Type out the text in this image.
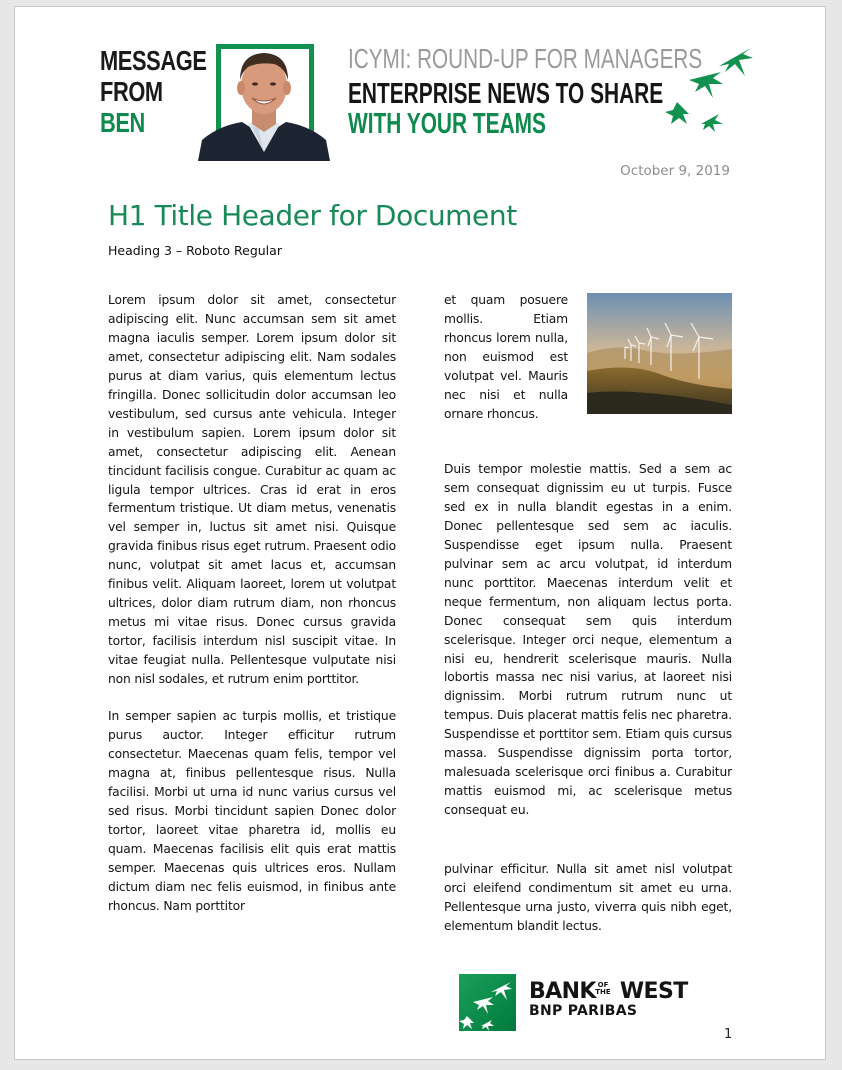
MESSAGE
FROM
BEN
ICYMI: ROUND-UP FOR MANAGERS
ENTERPRISE NEWS TO SHARE
WITH YOUR TEAMS
October 9, 2019
H1 Title Header for Document
Heading 3 – Roboto Regular

Lorem ipsum dolor sit amet, consectetur adipiscing elit. Nunc accumsan sem sit amet magna iaculis semper. Lorem ipsum dolor sit amet, consectetur adipiscing elit. Nam sodales purus at diam varius, quis elementum lectus fringilla. Donec sollicitudin dolor accumsan leo vestibulum, sed cursus ante vehicula. Integer in vestibulum sapien. Lorem ipsum dolor sit amet, consectetur adipiscing elit. Aenean tincidunt facilisis congue. Curabitur ac quam ac ligula tempor ultrices. Cras id erat in eros fermentum tristique. Ut diam metus, venenatis vel semper in, luctus sit amet nisi. Quisque gravida finibus risus eget rutrum. Praesent odio nunc, volutpat sit amet lacus et, accumsan finibus velit. Aliquam laoreet, lorem ut volutpat ultrices, dolor diam rutrum diam, non rhoncus metus mi vitae risus. Donec cursus gravida tortor, facilisis interdum nisl suscipit vitae. In vitae feugiat nulla. Pellentesque vulputate nisi non nisl sodales, et rutrum enim porttitor.

In semper sapien ac turpis mollis, et tristique purus auctor. Integer efficitur rutrum consectetur. Maecenas quam felis, tempor vel magna at, finibus pellentesque risus. Nulla facilisi. Morbi ut urna id nunc varius cursus vel sed risus. Morbi tincidunt sapien Donec dolor tortor, laoreet vitae pharetra id, mollis eu quam. Maecenas facilisis elit quis erat mattis semper. Maecenas quis ultrices eros. Nullam dictum diam nec felis euismod, in finibus ante rhoncus. Nam porttitor

et quam posuere mollis. Etiam rhoncus lorem nulla, non euismod est volutpat vel. Mauris nec nisi et nulla ornare rhoncus.

Duis tempor molestie mattis. Sed a sem ac sem consequat dignissim eu ut turpis. Fusce sed ex in nulla blandit egestas in a enim. Donec pellentesque sed sem ac iaculis. Suspendisse eget ipsum nulla. Praesent pulvinar sem ac arcu volutpat, id interdum nunc porttitor. Maecenas interdum velit et neque fermentum, non aliquam lectus porta. Donec consequat sem quis interdum scelerisque. Integer orci neque, elementum a nisi eu, hendrerit scelerisque mauris. Nulla lobortis massa nec nisi varius, at laoreet nisi dignissim. Morbi rutrum rutrum nunc ut tempus. Duis placerat mattis felis nec pharetra. Suspendisse et porttitor sem. Etiam quis cursus massa. Suspendisse dignissim porta tortor, malesuada scelerisque orci finibus a. Curabitur mattis euismod mi, ac scelerisque metus consequat eu.

pulvinar efficitur. Nulla sit amet nisl volutpat orci eleifend condimentum sit amet eu urna. Pellentesque urna justo, viverra quis nibh eget, elementum blandit lectus.

BANK WEST
OF
THE
BNP PARIBAS
1
